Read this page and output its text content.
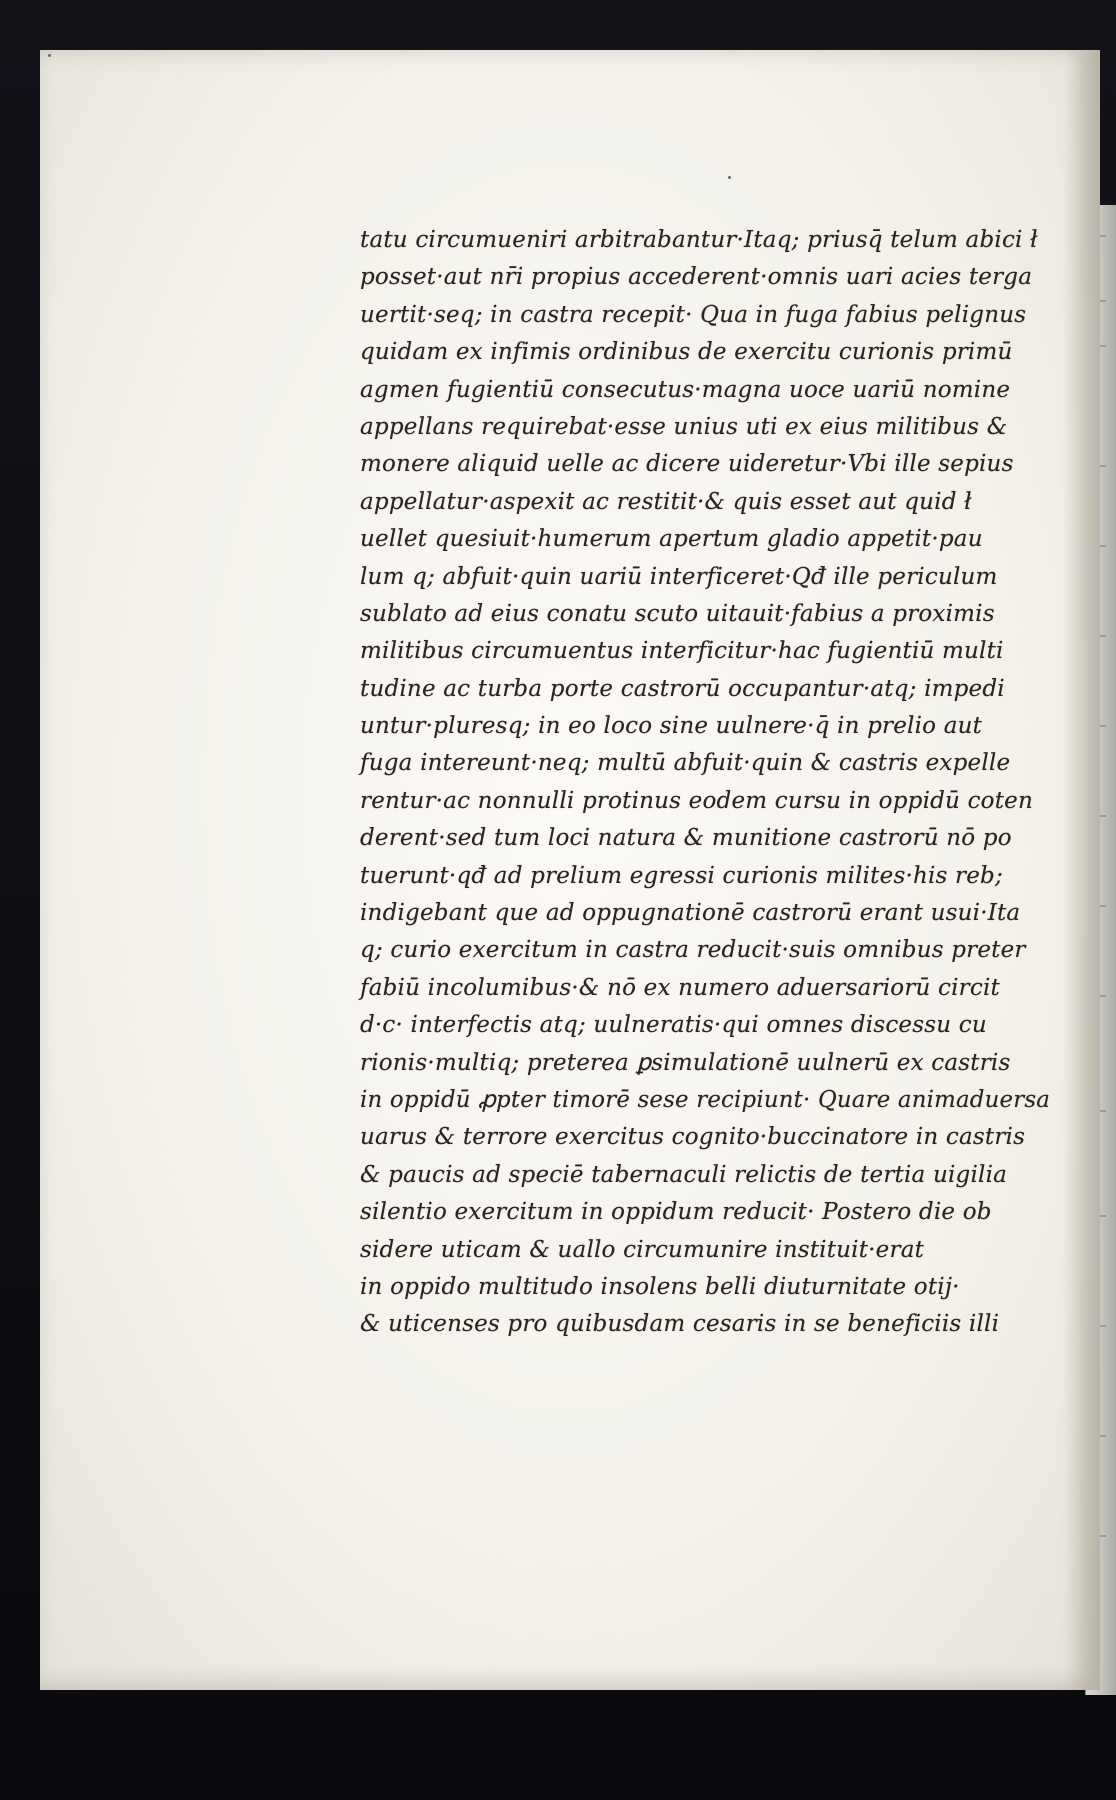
tatu circumueniri arbitrabantur·Itaq; priusq̄ telum abici ł
posset·aut nr̄i propius accederent·omnis uari acies terga
uertit·seq; in castra recepit· Qua in fuga fabius pelignus
quidam ex infimis ordinibus de exercitu curionis primū
agmen fugientiū consecutus·magna uoce uariū nomine
appellans requirebat·esse unius uti ex eius militibus &
monere aliquid uelle ac dicere uideretur·Vbi ille sepius
appellatur·aspexit ac restitit·& quis esset aut quid ł
uellet quesiuit·humerum apertum gladio appetit·pau
lum q; abfuit·quin uariū interficeret·Qđ ille periculum
sublato ad eius conatu scuto uitauit·fabius a proximis
militibus circumuentus interficitur·hac fugientiū multi
tudine ac turba porte castrorū occupantur·atq; impedi
untur·pluresq; in eo loco sine uulnere·q̄ in prelio aut
fuga intereunt·neq; multū abfuit·quin & castris expelle
rentur·ac nonnulli protinus eodem cursu in oppidū coten
derent·sed tum loci natura & munitione castrorū nō po
tuerunt·qđ ad prelium egressi curionis milites·his reb;
indigebant que ad oppugnationē castrorū erant usui·Ita
q; curio exercitum in castra reducit·suis omnibus preter
fabiū incolumibus·& nō ex numero aduersariorū circit
d·c· interfectis atq; uulneratis·qui omnes discessu cu
rionis·multiq; preterea ꝑsimulationē uulnerū ex castris
in oppidū ꝓpter timorē sese recipiunt· Quare animaduersa
uarus & terrore exercitus cognito·buccinatore in castris
& paucis ad speciē tabernaculi relictis de tertia uigilia
silentio exercitum in oppidum reducit· Postero die ob
sidere uticam & uallo circumunire instituit·erat
in oppido multitudo insolens belli diuturnitate otij·
& uticenses pro quibusdam cesaris in se beneficiis illi
